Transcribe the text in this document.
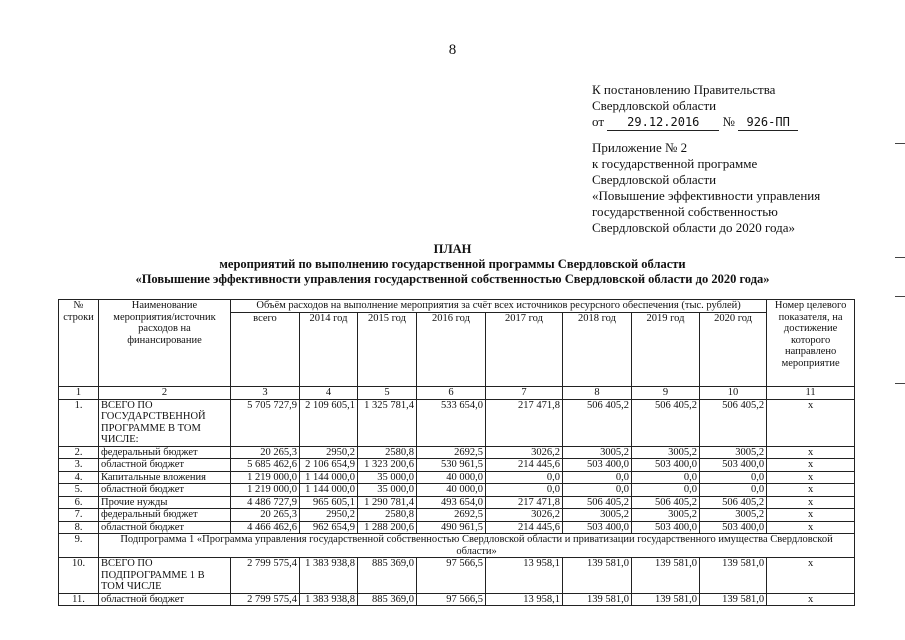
8
К постановлению Правительства
Свердловской области
от 29.12.2016 № 926-ПП
Приложение № 2
к государственной программе
Свердловской области
«Повышение эффективности управления
государственной собственностью
Свердловской области до 2020 года»
ПЛАН
мероприятий по выполнению государственной программы Свердловской области
«Повышение эффективности управления государственной собственностью Свердловской области до 2020 года»
№ строки	Наименование мероприятия/источник расходов на финансирование	Объём расходов на выполнение мероприятия за счёт всех источников ресурсного обеспечения (тыс. рублей)								Номер целевого показателя, на достижение которого направлено мероприятие
		всего	2014 год	2015 год	2016 год	2017 год	2018 год	2019 год	2020 год	
1	2	3	4	5	6	7	8	9	10	11
1.	ВСЕГО ПО ГОСУДАРСТВЕННОЙ ПРОГРАММЕ В ТОМ ЧИСЛЕ:	5 705 727,9	2 109 605,1	1 325 781,4	533 654,0	217 471,8	506 405,2	506 405,2	506 405,2	х
2.	федеральный бюджет	20 265,3	2950,2	2580,8	2692,5	3026,2	3005,2	3005,2	3005,2	х
3.	областной бюджет	5 685 462,6	2 106 654,9	1 323 200,6	530 961,5	214 445,6	503 400,0	503 400,0	503 400,0	х
4.	Капитальные вложения	1 219 000,0	1 144 000,0	35 000,0	40 000,0	0,0	0,0	0,0	0,0	х
5.	областной бюджет	1 219 000,0	1 144 000,0	35 000,0	40 000,0	0,0	0,0	0,0	0,0	х
6.	Прочие нужды	4 486 727,9	965 605,1	1 290 781,4	493 654,0	217 471,8	506 405,2	506 405,2	506 405,2	х
7.	федеральный бюджет	20 265,3	2950,2	2580,8	2692,5	3026,2	3005,2	3005,2	3005,2	х
8.	областной бюджет	4 466 462,6	962 654,9	1 288 200,6	490 961,5	214 445,6	503 400,0	503 400,0	503 400,0	х
9.	Подпрограмма 1 «Программа управления государственной собственностью Свердловской области и приватизации государственного имущества Свердловской области»									
10.	ВСЕГО ПО ПОДПРОГРАММЕ 1 В ТОМ ЧИСЛЕ	2 799 575,4	1 383 938,8	885 369,0	97 566,5	13 958,1	139 581,0	139 581,0	139 581,0	х
11.	областной бюджет	2 799 575,4	1 383 938,8	885 369,0	97 566,5	13 958,1	139 581,0	139 581,0	139 581,0	х
